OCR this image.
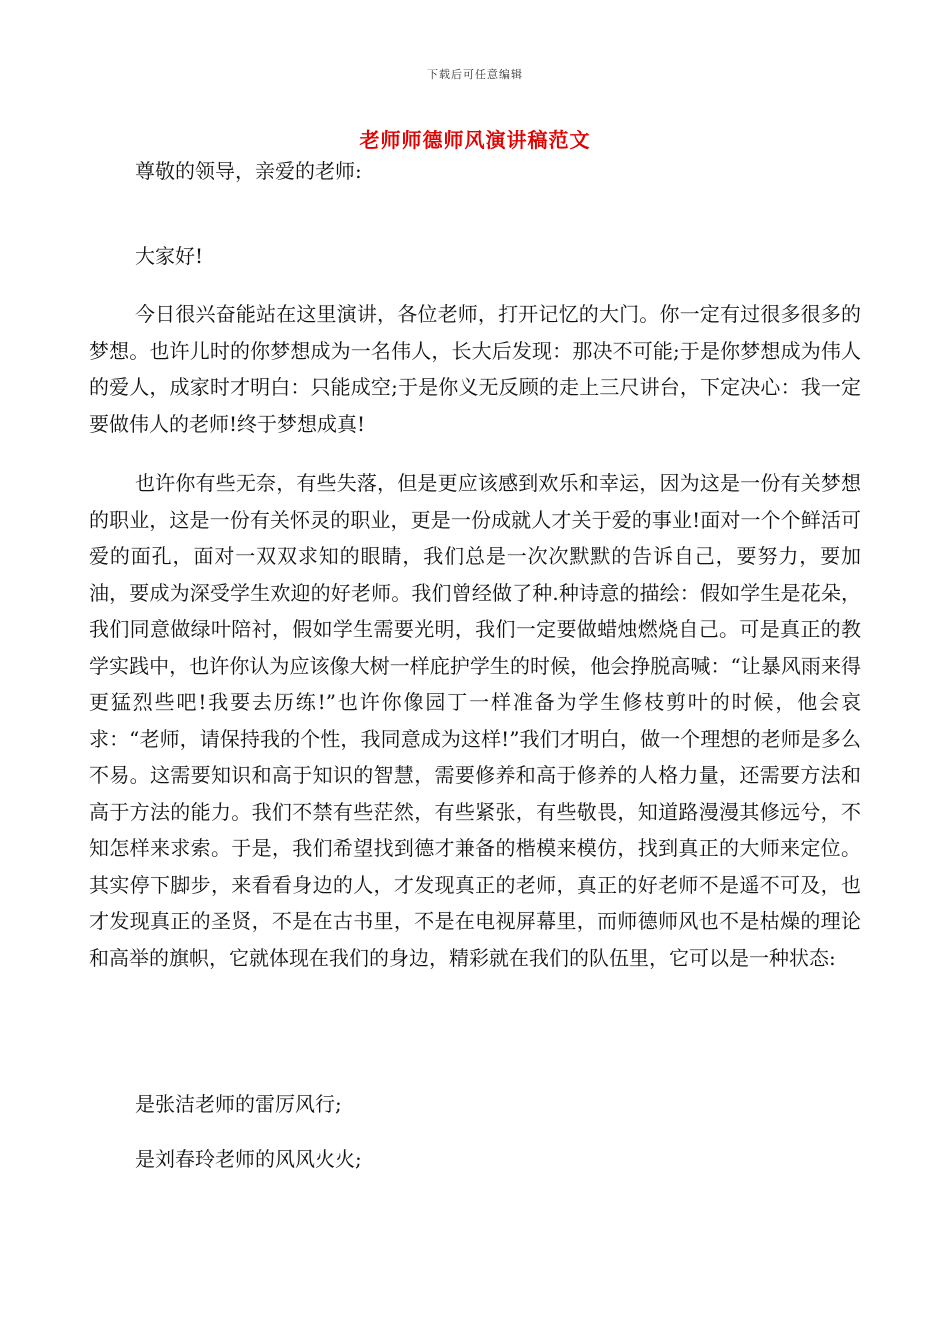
下载后可任意编辑
老师师德师风演讲稿范文
尊敬的领导，亲爱的老师:
大家好!
今日很兴奋能站在这里演讲，各位老师，打开记忆的大门。你一定有过很多很多的梦想。也许儿时的你梦想成为一名伟人，长大后发现：那决不可能;于是你梦想成为伟人的爱人，成家时才明白：只能成空;于是你义无反顾的走上三尺讲台，下定决心：我一定要做伟人的老师!终于梦想成真!
也许你有些无奈，有些失落，但是更应该感到欢乐和幸运，因为这是一份有关梦想的职业，这是一份有关怀灵的职业，更是一份成就人才关于爱的事业!面对一个个鲜活可爱的面孔，面对一双双求知的眼睛，我们总是一次次默默的告诉自己，要努力，要加油，要成为深受学生欢迎的好老师。我们曾经做了种.种诗意的描绘：假如学生是花朵，我们同意做绿叶陪衬，假如学生需要光明，我们一定要做蜡烛燃烧自己。可是真正的教学实践中，也许你认为应该像大树一样庇护学生的时候，他会挣脱高喊：“让暴风雨来得更猛烈些吧!我要去历练!”也许你像园丁一样准备为学生修枝剪叶的时候，他会哀求：“老师，请保持我的个性，我同意成为这样!”我们才明白，做一个理想的老师是多么不易。这需要知识和高于知识的智慧，需要修养和高于修养的人格力量，还需要方法和高于方法的能力。我们不禁有些茫然，有些紧张，有些敬畏，知道路漫漫其修远兮，不知怎样来求索。于是，我们希望找到德才兼备的楷模来模仿，找到真正的大师来定位。其实停下脚步，来看看身边的人，才发现真正的老师，真正的好老师不是遥不可及，也才发现真正的圣贤，不是在古书里，不是在电视屏幕里，而师德师风也不是枯燥的理论和高举的旗帜，它就体现在我们的身边，精彩就在我们的队伍里，它可以是一种状态:
是张洁老师的雷厉风行;
是刘春玲老师的风风火火;
